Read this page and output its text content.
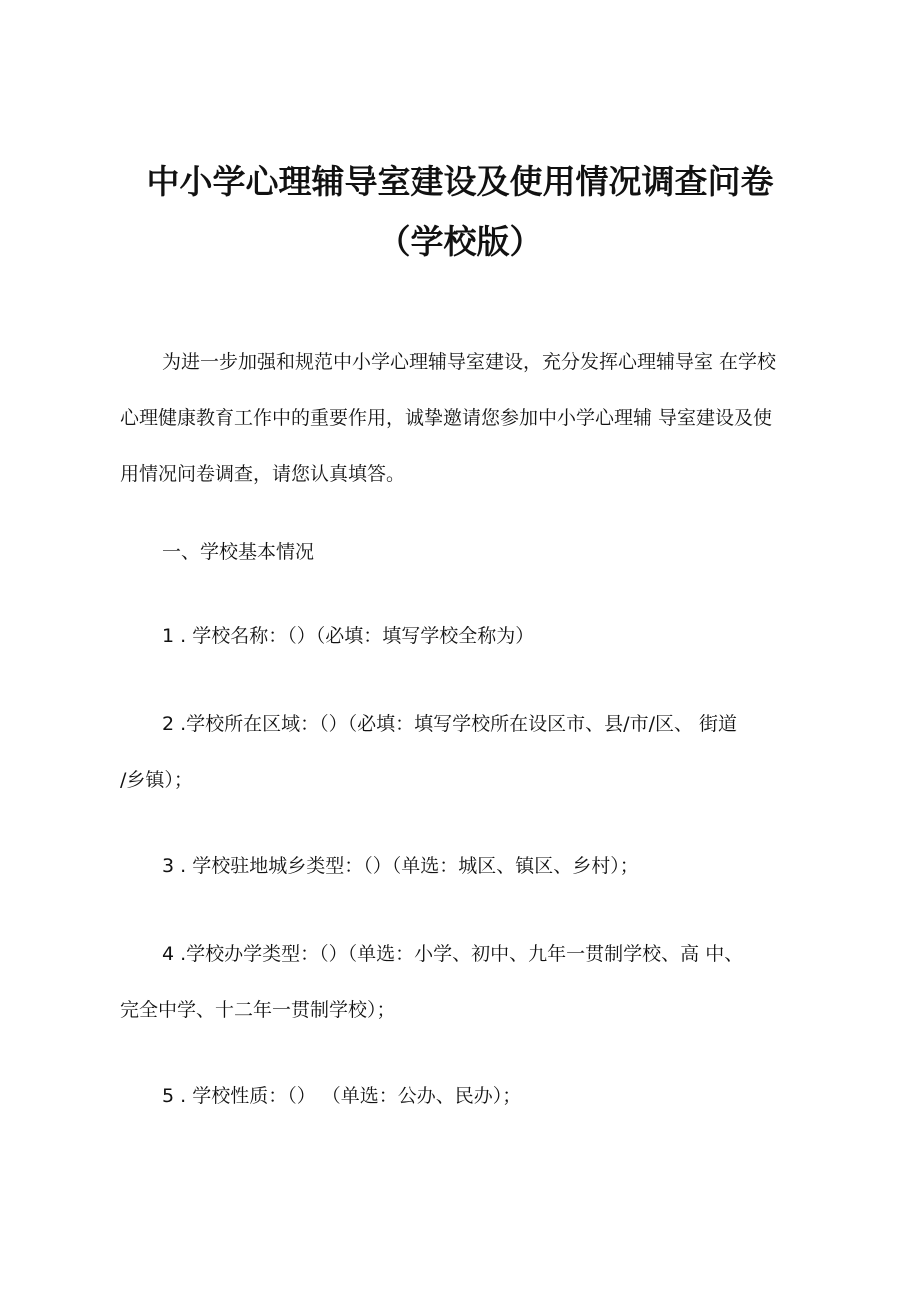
中小学心理辅导室建设及使用情况调查问卷
（学校版）
为进一步加强和规范中小学心理辅导室建设，充分发挥心理辅导室 在学校
心理健康教育工作中的重要作用，诚挚邀请您参加中小学心理辅 导室建设及使
用情况问卷调查，请您认真填答。
一、学校基本情况
1 . 学校名称：（）（必填：填写学校全称为）
2 .学校所在区域：（）（必填：填写学校所在设区市、县/市/区、 街道
/乡镇）；
3 . 学校驻地城乡类型：（）（单选：城区、镇区、乡村）；
4 .学校办学类型：（）（单选：小学、初中、九年一贯制学校、高 中、
完全中学、十二年一贯制学校）；
5 . 学校性质：（） （单选：公办、民办）；
